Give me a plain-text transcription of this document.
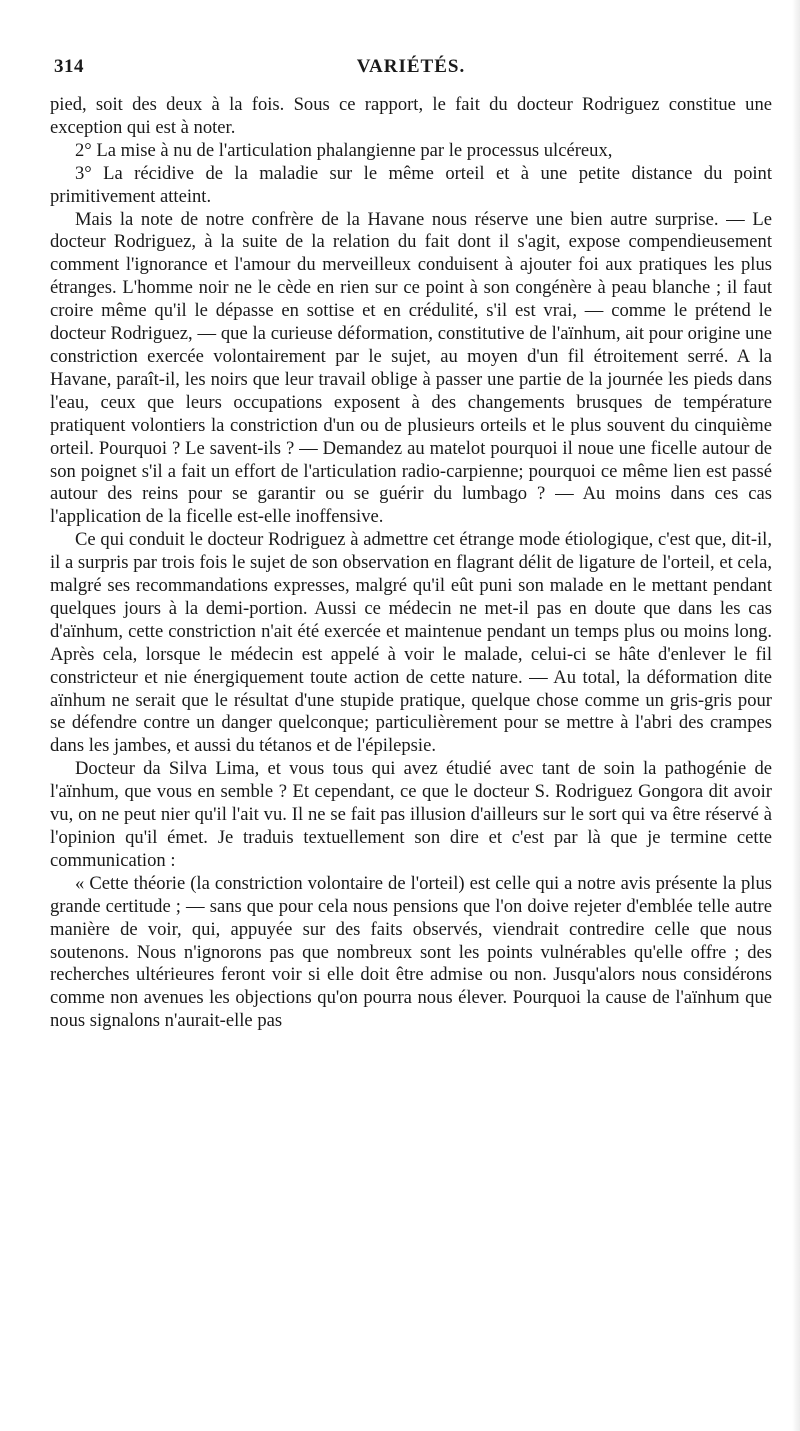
314	VARIÉTÉS.

pied, soit des deux à la fois. Sous ce rapport, le fait du docteur Rodriguez constitue une exception qui est à noter.

2° La mise à nu de l'articulation phalangienne par le processus ulcéreux,

3° La récidive de la maladie sur le même orteil et à une petite distance du point primitivement atteint.

Mais la note de notre confrère de la Havane nous réserve une bien autre surprise. — Le docteur Rodriguez, à la suite de la relation du fait dont il s'agit, expose compendieusement comment l'ignorance et l'amour du merveilleux conduisent à ajouter foi aux pratiques les plus étranges. L'homme noir ne le cède en rien sur ce point à son congénère à peau blanche ; il faut croire même qu'il le dépasse en sottise et en crédulité, s'il est vrai, — comme le prétend le docteur Rodriguez, — que la curieuse déformation, constitutive de l'aïnhum, ait pour origine une constriction exercée volontairement par le sujet, au moyen d'un fil étroitement serré. A la Havane, paraît-il, les noirs que leur travail oblige à passer une partie de la journée les pieds dans l'eau, ceux que leurs occupations exposent à des changements brusques de température pratiquent volontiers la constriction d'un ou de plusieurs orteils et le plus souvent du cinquième orteil. Pourquoi ? Le savent-ils ? — Demandez au matelot pourquoi il noue une ficelle autour de son poignet s'il a fait un effort de l'articulation radio-carpienne; pourquoi ce même lien est passé autour des reins pour se garantir ou se guérir du lumbago ? — Au moins dans ces cas l'application de la ficelle est-elle inoffensive.

Ce qui conduit le docteur Rodriguez à admettre cet étrange mode étiologique, c'est que, dit-il, il a surpris par trois fois le sujet de son observation en flagrant délit de ligature de l'orteil, et cela, malgré ses recommandations expresses, malgré qu'il eût puni son malade en le mettant pendant quelques jours à la demi-portion. Aussi ce médecin ne met-il pas en doute que dans les cas d'aïnhum, cette constriction n'ait été exercée et maintenue pendant un temps plus ou moins long. Après cela, lorsque le médecin est appelé à voir le malade, celui-ci se hâte d'enlever le fil constricteur et nie énergiquement toute action de cette nature. — Au total, la déformation dite aïnhum ne serait que le résultat d'une stupide pratique, quelque chose comme un gris-gris pour se défendre contre un danger quelconque; particulièrement pour se mettre à l'abri des crampes dans les jambes, et aussi du tétanos et de l'épilepsie.

Docteur da Silva Lima, et vous tous qui avez étudié avec tant de soin la pathogénie de l'aïnhum, que vous en semble ? Et cependant, ce que le docteur S. Rodriguez Gongora dit avoir vu, on ne peut nier qu'il l'ait vu. Il ne se fait pas illusion d'ailleurs sur le sort qui va être réservé à l'opinion qu'il émet. Je traduis textuellement son dire et c'est par là que je termine cette communication :

« Cette théorie (la constriction volontaire de l'orteil) est celle qui a notre avis présente la plus grande certitude ; — sans que pour cela nous pensions que l'on doive rejeter d'emblée telle autre manière de voir, qui, appuyée sur des faits observés, viendrait contredire celle que nous soutenons. Nous n'ignorons pas que nombreux sont les points vulnérables qu'elle offre ; des recherches ultérieures feront voir si elle doit être admise ou non. Jusqu'alors nous considérons comme non avenues les objections qu'on pourra nous élever. Pourquoi la cause de l'aïnhum que nous signalons n'aurait-elle pas
